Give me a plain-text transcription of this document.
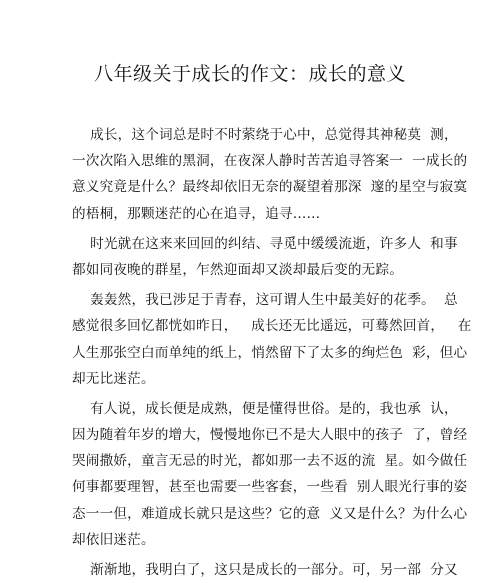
八年级关于成长的作文：成长的意义
成长，这个词总是时不时萦绕于心中，总觉得其神秘莫  测，
一次次陷入思维的黑洞，在夜深人静时苦苦追寻答案一  一成长的
意义究竟是什么？最终却依旧无奈的凝望着那深  邃的星空与寂寞
的梧桐，那颗迷茫的心在追寻，追寻……
时光就在这来来回回的纠结、寻觅中缓缓流逝，许多人  和事
都如同夜晚的群星，乍然迎面却又淡却最后变的无踪。
轰轰然，我已涉足于青春，这可谓人生中最美好的花季。  总
感觉很多回忆都恍如昨日，   成长还无比遥远，可蓦然回首，   在
人生那张空白而单纯的纸上，悄然留下了太多的绚烂色  彩，但心
却无比迷茫。
有人说，成长便是成熟，便是懂得世俗。是的，我也承  认，
因为随着年岁的增大，慢慢地你已不是大人眼中的孩子  了，曾经
哭闹撒娇，童言无忌的时光，都如那一去不返的流  星。如今做任
何事都要理智，甚至也需要一些客套，一些看  别人眼光行事的姿
态一一但，难道成长就只是这些？它的意  义又是什么？为什么心
却依旧迷茫。
渐渐地，我明白了，这只是成长的一部分。可，另一部  分又
